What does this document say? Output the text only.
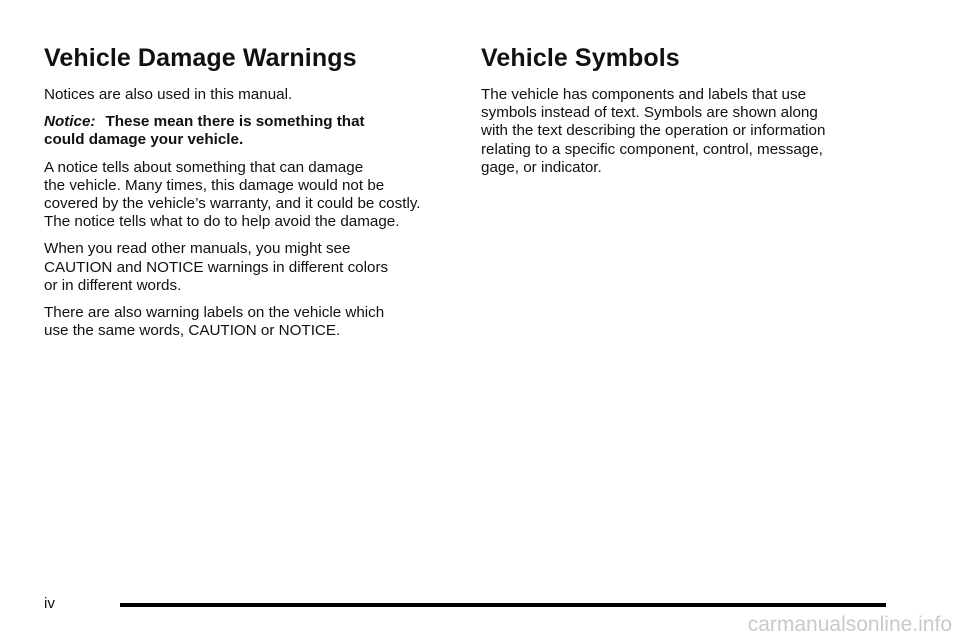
Vehicle Damage Warnings

Notices are also used in this manual.

Notice: These mean there is something that
could damage your vehicle.

A notice tells about something that can damage
the vehicle. Many times, this damage would not be
covered by the vehicle’s warranty, and it could be costly.
The notice tells what to do to help avoid the damage.

When you read other manuals, you might see
CAUTION and NOTICE warnings in different colors
or in different words.

There are also warning labels on the vehicle which
use the same words, CAUTION or NOTICE.

Vehicle Symbols

The vehicle has components and labels that use
symbols instead of text. Symbols are shown along
with the text describing the operation or information
relating to a specific component, control, message,
gage, or indicator.

iv
carmanualsonline.info
